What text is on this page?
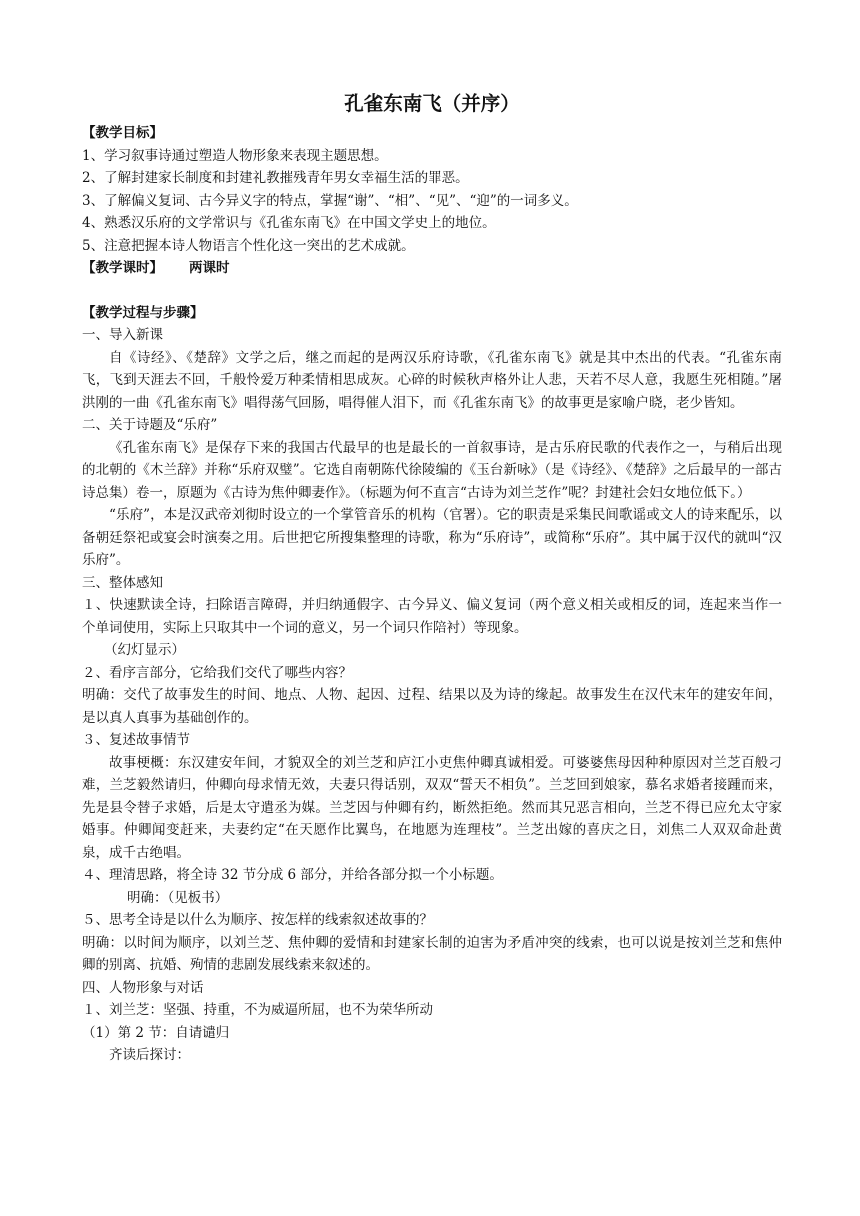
孔雀东南飞（并序）
【教学目标】
1、学习叙事诗通过塑造人物形象来表现主题思想。
2、了解封建家长制度和封建礼教摧残青年男女幸福生活的罪恶。
3、了解偏义复词、古今异义字的特点，掌握“谢”、“相”、“见”、“迎”的一词多义。
4、熟悉汉乐府的文学常识与《孔雀东南飞》在中国文学史上的地位。
5、注意把握本诗人物语言个性化这一突出的艺术成就。
【教学课时】 两课时
【教学过程与步骤】
一、导入新课
自《诗经》、《楚辞》文学之后，继之而起的是两汉乐府诗歌，《孔雀东南飞》就是其中杰出的代表。“孔雀东南飞，飞到天涯去不回，千般怜爱万种柔情相思成灰。心碎的时候秋声格外让人悲，天若不尽人意，我愿生死相随。”屠洪刚的一曲《孔雀东南飞》唱得荡气回肠，唱得催人泪下，而《孔雀东南飞》的故事更是家喻户晓，老少皆知。
二、关于诗题及“乐府”
《孔雀东南飞》是保存下来的我国古代最早的也是最长的一首叙事诗，是古乐府民歌的代表作之一，与稍后出现的北朝的《木兰辞》并称“乐府双璧”。它选自南朝陈代徐陵编的《玉台新咏》（是《诗经》、《楚辞》之后最早的一部古诗总集）卷一，原题为《古诗为焦仲卿妻作》。（标题为何不直言“古诗为刘兰芝作”呢？封建社会妇女地位低下。）
“乐府”，本是汉武帝刘彻时设立的一个掌管音乐的机构（官署）。它的职责是采集民间歌谣或文人的诗来配乐，以备朝廷祭祀或宴会时演奏之用。后世把它所搜集整理的诗歌，称为“乐府诗”，或简称“乐府”。其中属于汉代的就叫“汉乐府”。
三、整体感知
１、快速默读全诗，扫除语言障碍，并归纳通假字、古今异义、偏义复词（两个意义相关或相反的词，连起来当作一个单词使用，实际上只取其中一个词的意义，另一个词只作陪衬）等现象。
（幻灯显示）
２、看序言部分，它给我们交代了哪些内容？
明确：交代了故事发生的时间、地点、人物、起因、过程、结果以及为诗的缘起。故事发生在汉代末年的建安年间，是以真人真事为基础创作的。
３、复述故事情节
故事梗概：东汉建安年间，才貌双全的刘兰芝和庐江小吏焦仲卿真诚相爱。可婆婆焦母因种种原因对兰芝百般刁难，兰芝毅然请归，仲卿向母求情无效，夫妻只得话别，双双“誓天不相负”。兰芝回到娘家，慕名求婚者接踵而来，先是县令替子求婚，后是太守遣丞为媒。兰芝因与仲卿有约，断然拒绝。然而其兄恶言相向，兰芝不得已应允太守家婚事。仲卿闻变赶来，夫妻约定“在天愿作比翼鸟，在地愿为连理枝”。兰芝出嫁的喜庆之日，刘焦二人双双命赴黄泉，成千古绝唱。
４、理清思路，将全诗 32 节分成 6 部分，并给各部分拟一个小标题。
明确：（见板书）
５、思考全诗是以什么为顺序、按怎样的线索叙述故事的？
明确：以时间为顺序，以刘兰芝、焦仲卿的爱情和封建家长制的迫害为矛盾冲突的线索，也可以说是按刘兰芝和焦仲卿的别离、抗婚、殉情的悲剧发展线索来叙述的。
四、人物形象与对话
１、刘兰芝：坚强、持重，不为威逼所屈，也不为荣华所动
（1）第 2 节：自请谴归
齐读后探讨：
